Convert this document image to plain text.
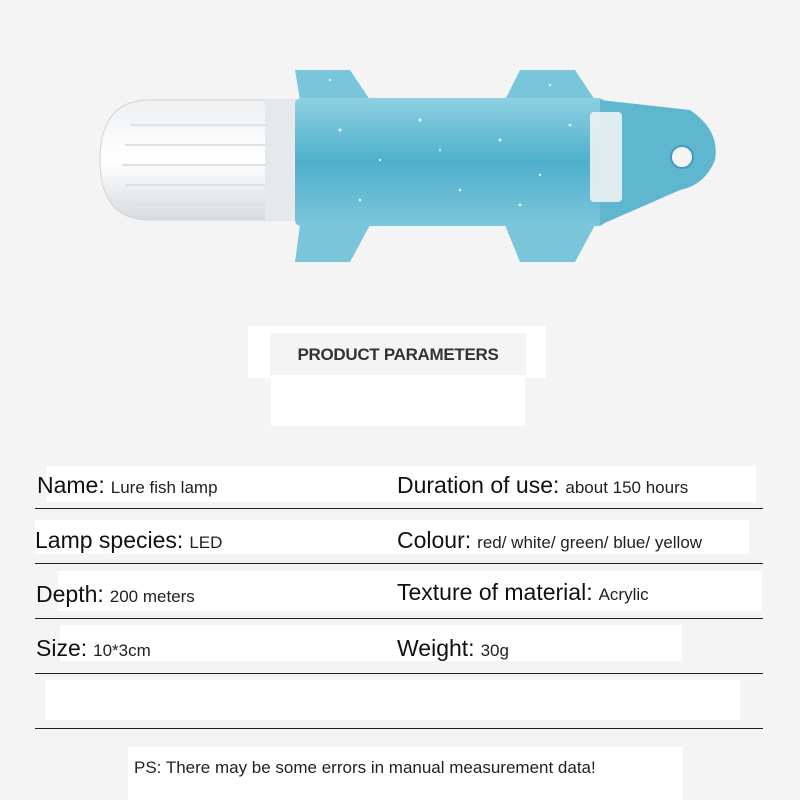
PRODUCT PARAMETERS
Name: Lure fish lamp	Duration of use: about 150 hours
Lamp species: LED	Colour: red/ white/ green/ blue/ yellow
Depth: 200 meters	Texture of material: Acrylic
Size: 10*3cm	Weight: 30g
PS: There may be some errors in manual measurement data!
